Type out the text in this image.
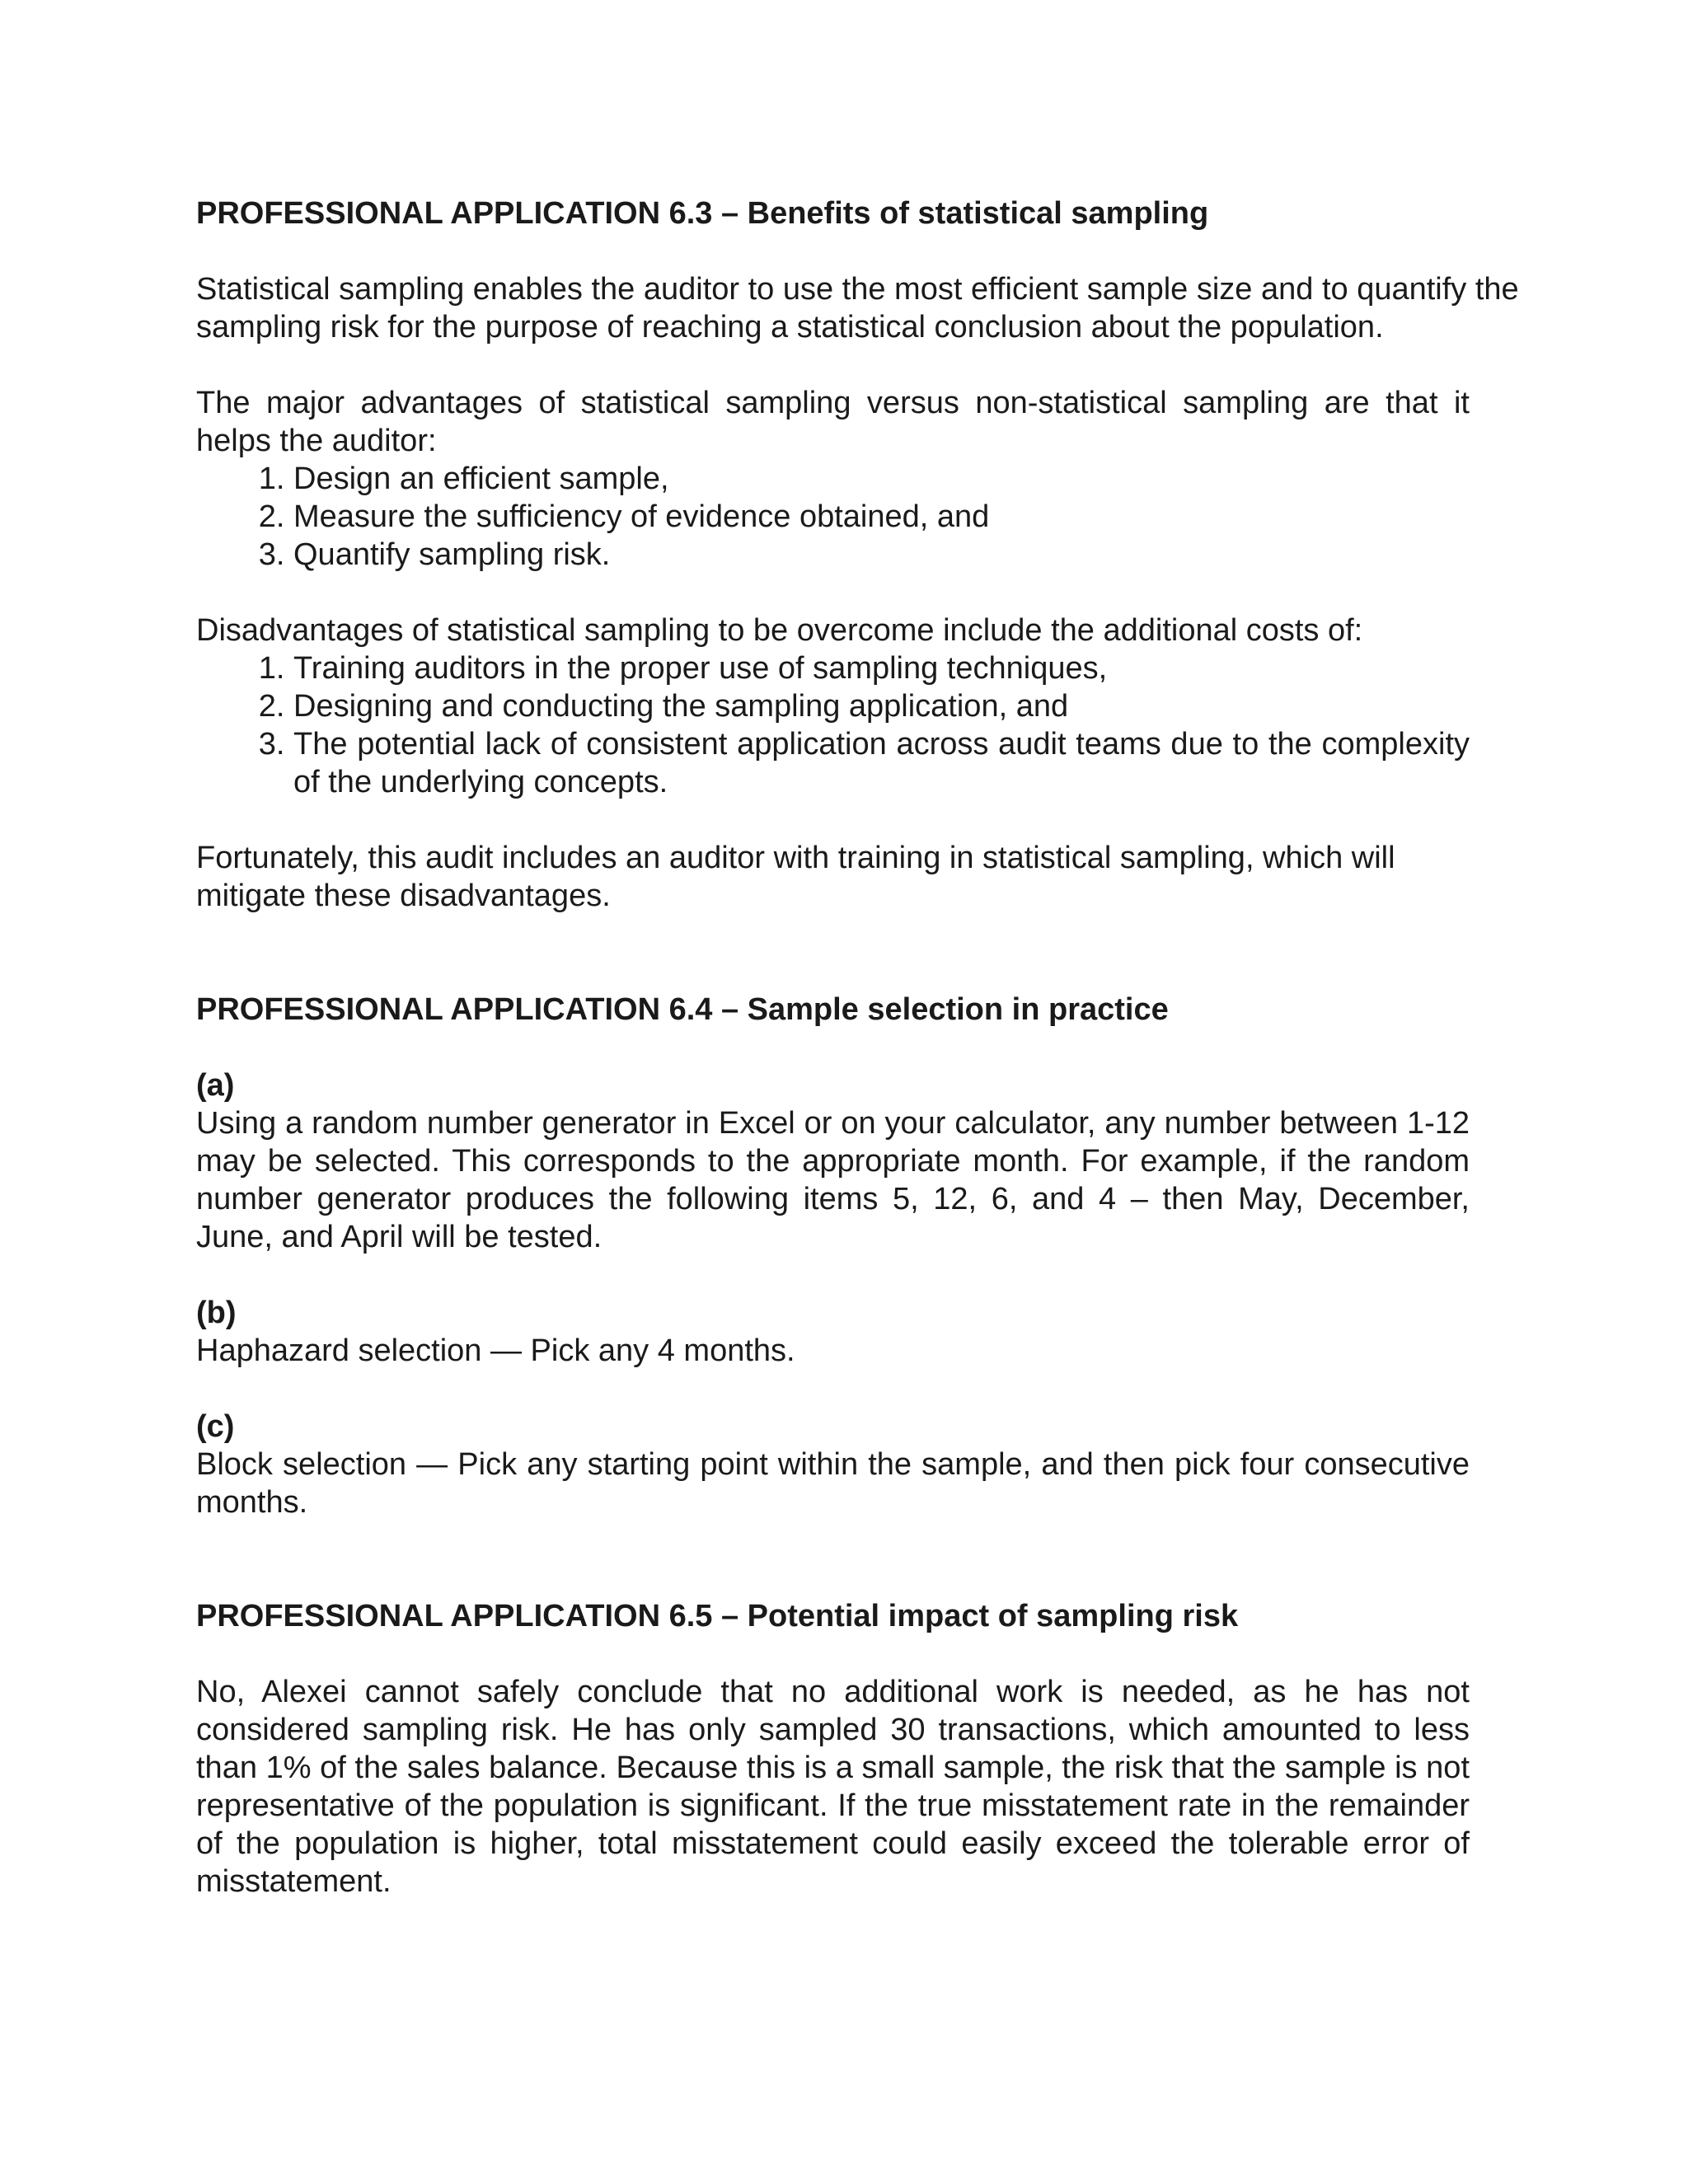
PROFESSIONAL APPLICATION 6.3 – Benefits of statistical sampling
Statistical sampling enables the auditor to use the most efficient sample size and to quantify the sampling risk for the purpose of reaching a statistical conclusion about the population.
The major advantages of statistical sampling versus non-statistical sampling are that it helps the auditor:
1. Design an efficient sample,
2. Measure the sufficiency of evidence obtained, and
3. Quantify sampling risk.
Disadvantages of statistical sampling to be overcome include the additional costs of:
1. Training auditors in the proper use of sampling techniques,
2. Designing and conducting the sampling application, and
3. The potential lack of consistent application across audit teams due to the complexity of the underlying concepts.
Fortunately, this audit includes an auditor with training in statistical sampling, which will mitigate these disadvantages.
PROFESSIONAL APPLICATION 6.4 – Sample selection in practice
(a)
Using a random number generator in Excel or on your calculator, any number between 1-12 may be selected. This corresponds to the appropriate month. For example, if the random number generator produces the following items 5, 12, 6, and 4 – then May, December, June, and April will be tested.
(b)
Haphazard selection — Pick any 4 months.
(c)
Block selection — Pick any starting point within the sample, and then pick four consecutive months.
PROFESSIONAL APPLICATION 6.5 – Potential impact of sampling risk
No, Alexei cannot safely conclude that no additional work is needed, as he has not considered sampling risk. He has only sampled 30 transactions, which amounted to less than 1% of the sales balance. Because this is a small sample, the risk that the sample is not representative of the population is significant. If the true misstatement rate in the remainder of the population is higher, total misstatement could easily exceed the tolerable error of misstatement.
